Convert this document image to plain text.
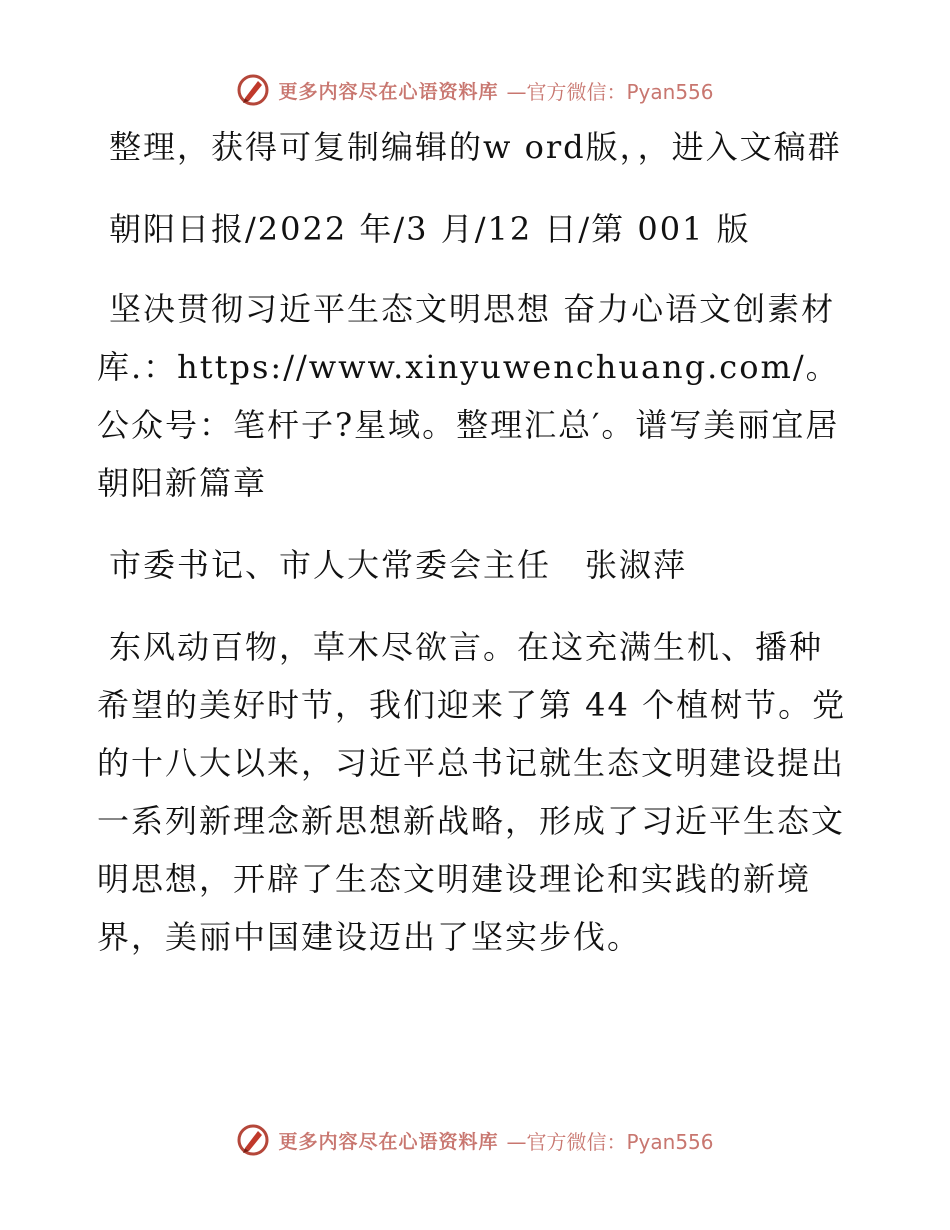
更多内容尽在心语资料库 —官方微信：Pyan556

整理，获得可复制编辑的w ord版，，进入文稿群

朝阳日报/2022 年/3 月/12 日/第 001 版

坚决贯彻习近平生态文明思想 奋力心语文创素材库.：https://www.xinyuwenchuang.com/。公众号：笔杆子?星域。整理汇总′。谱写美丽宜居朝阳新篇章

市委书记、市人大常委会主任　张淑萍

东风动百物，草木尽欲言。在这充满生机、播种希望的美好时节，我们迎来了第 44 个植树节。党的十八大以来，习近平总书记就生态文明建设提出一系列新理念新思想新战略，形成了习近平生态文明思想，开辟了生态文明建设理论和实践的新境界，美丽中国建设迈出了坚实步伐。

更多内容尽在心语资料库 —官方微信：Pyan556
